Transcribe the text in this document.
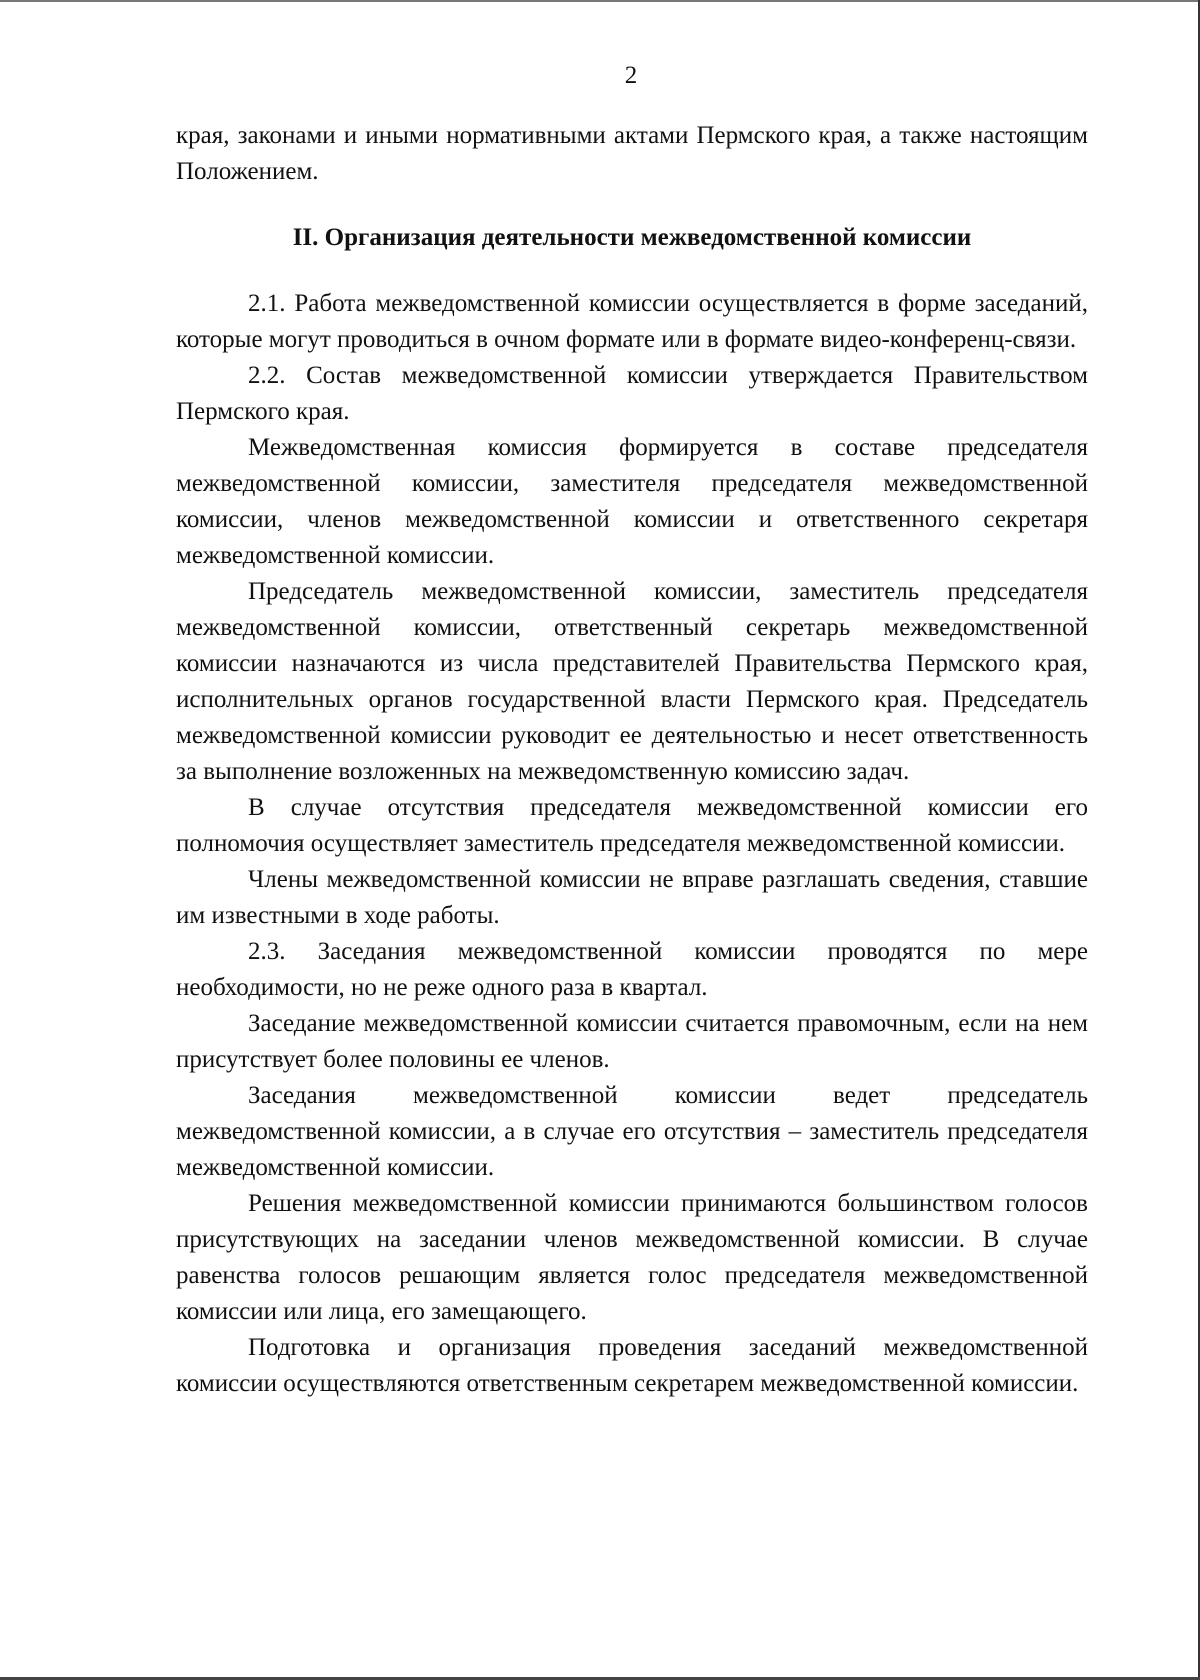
2

края, законами и иными нормативными актами Пермского края, а также настоящим Положением.

II. Организация деятельности межведомственной комиссии

2.1. Работа межведомственной комиссии осуществляется в форме заседаний, которые могут проводиться в очном формате или в формате видео-конференц-связи.

2.2. Состав межведомственной комиссии утверждается Правительством Пермского края.

Межведомственная комиссия формируется в составе председателя межведомственной комиссии, заместителя председателя межведомственной комиссии, членов межведомственной комиссии и ответственного секретаря межведомственной комиссии.

Председатель межведомственной комиссии, заместитель председателя межведомственной комиссии, ответственный секретарь межведомственной комиссии назначаются из числа представителей Правительства Пермского края, исполнительных органов государственной власти Пермского края. Председатель межведомственной комиссии руководит ее деятельностью и несет ответственность за выполнение возложенных на межведомственную комиссию задач.

В случае отсутствия председателя межведомственной комиссии его полномочия осуществляет заместитель председателя межведомственной комиссии.

Члены межведомственной комиссии не вправе разглашать сведения, ставшие им известными в ходе работы.

2.3. Заседания межведомственной комиссии проводятся по мере необходимости, но не реже одного раза в квартал.

Заседание межведомственной комиссии считается правомочным, если на нем присутствует более половины ее членов.

Заседания межведомственной комиссии ведет председатель межведомственной комиссии, а в случае его отсутствия – заместитель председателя межведомственной комиссии.

Решения межведомственной комиссии принимаются большинством голосов присутствующих на заседании членов межведомственной комиссии. В случае равенства голосов решающим является голос председателя межведомственной комиссии или лица, его замещающего.

Подготовка и организация проведения заседаний межведомственной комиссии осуществляются ответственным секретарем межведомственной комиссии.
